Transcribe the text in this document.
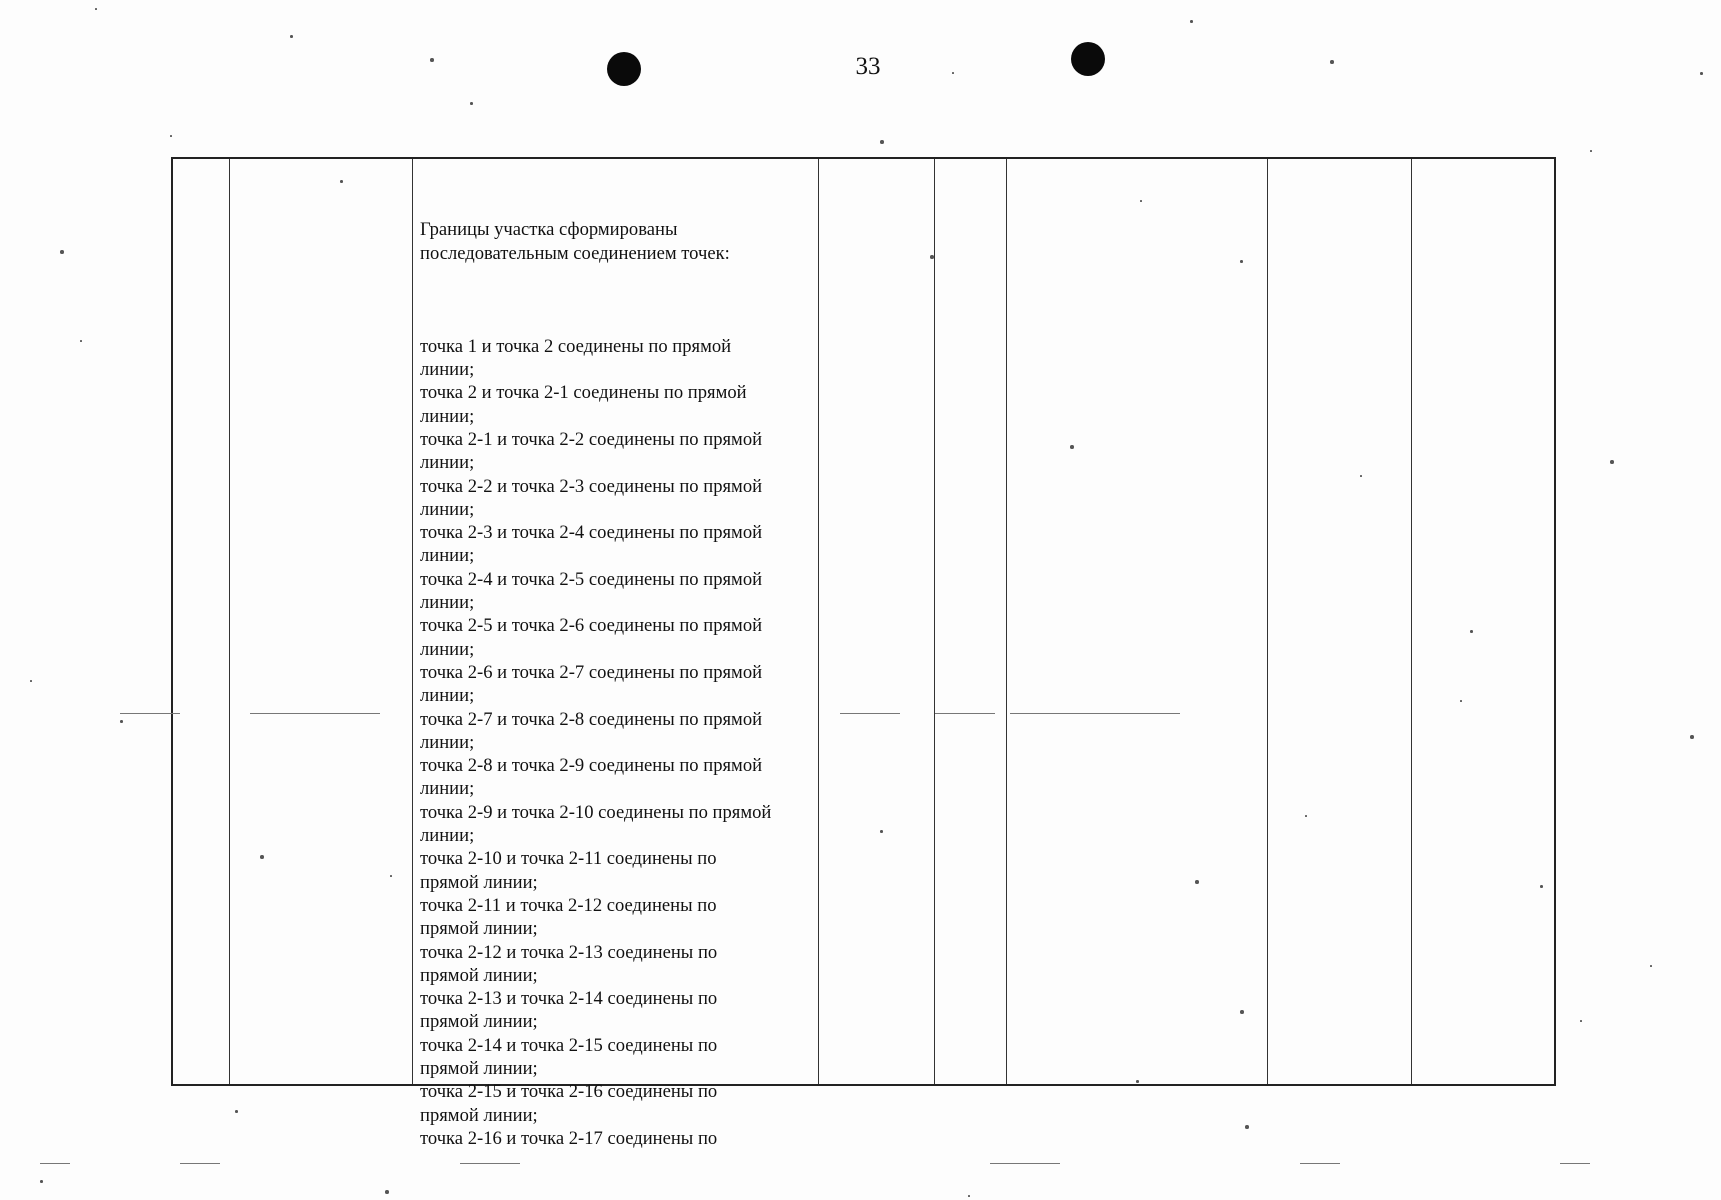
33

Границы участка сформированы
последовательным соединением точек:

точка 1 и точка 2 соединены по прямой
линии;
точка 2 и точка 2-1 соединены по прямой
линии;
точка 2-1 и точка 2-2 соединены по прямой
линии;
точка 2-2 и точка 2-3 соединены по прямой
линии;
точка 2-3 и точка 2-4 соединены по прямой
линии;
точка 2-4 и точка 2-5 соединены по прямой
линии;
точка 2-5 и точка 2-6 соединены по прямой
линии;
точка 2-6 и точка 2-7 соединены по прямой
линии;
точка 2-7 и точка 2-8 соединены по прямой
линии;
точка 2-8 и точка 2-9 соединены по прямой
линии;
точка 2-9 и точка 2-10 соединены по прямой
линии;
точка 2-10 и точка 2-11 соединены по
прямой линии;
точка 2-11 и точка 2-12 соединены по
прямой линии;
точка 2-12 и точка 2-13 соединены по
прямой линии;
точка 2-13 и точка 2-14 соединены по
прямой линии;
точка 2-14 и точка 2-15 соединены по
прямой линии;
точка 2-15 и точка 2-16 соединены по
прямой линии;
точка 2-16 и точка 2-17 соединены по
